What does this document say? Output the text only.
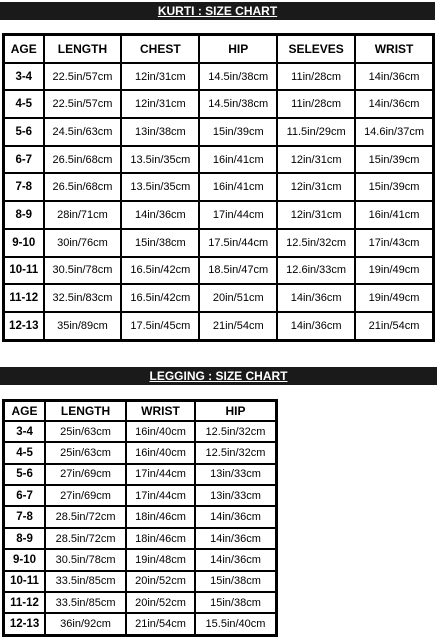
KURTI : SIZE CHART
AGE	LENGTH	CHEST	HIP	SELEVES	WRIST
3-4	22.5in/57cm	12in/31cm	14.5in/38cm	11in/28cm	14in/36cm
4-5	22.5in/57cm	12in/31cm	14.5in/38cm	11in/28cm	14in/36cm
5-6	24.5in/63cm	13in/38cm	15in/39cm	11.5in/29cm	14.6in/37cm
6-7	26.5in/68cm	13.5in/35cm	16in/41cm	12in/31cm	15in/39cm
7-8	26.5in/68cm	13.5in/35cm	16in/41cm	12in/31cm	15in/39cm
8-9	28in/71cm	14in/36cm	17in/44cm	12in/31cm	16in/41cm
9-10	30in/76cm	15in/38cm	17.5in/44cm	12.5in/32cm	17in/43cm
10-11	30.5in/78cm	16.5in/42cm	18.5in/47cm	12.6in/33cm	19in/49cm
11-12	32.5in/83cm	16.5in/42cm	20in/51cm	14in/36cm	19in/49cm
12-13	35in/89cm	17.5in/45cm	21in/54cm	14in/36cm	21in/54cm
LEGGING : SIZE CHART
AGE	LENGTH	WRIST	HIP
3-4	25in/63cm	16in/40cm	12.5in/32cm
4-5	25in/63cm	16in/40cm	12.5in/32cm
5-6	27in/69cm	17in/44cm	13in/33cm
6-7	27in/69cm	17in/44cm	13in/33cm
7-8	28.5in/72cm	18in/46cm	14in/36cm
8-9	28.5in/72cm	18in/46cm	14in/36cm
9-10	30.5in/78cm	19in/48cm	14in/36cm
10-11	33.5in/85cm	20in/52cm	15in/38cm
11-12	33.5in/85cm	20in/52cm	15in/38cm
12-13	36in/92cm	21in/54cm	15.5in/40cm
